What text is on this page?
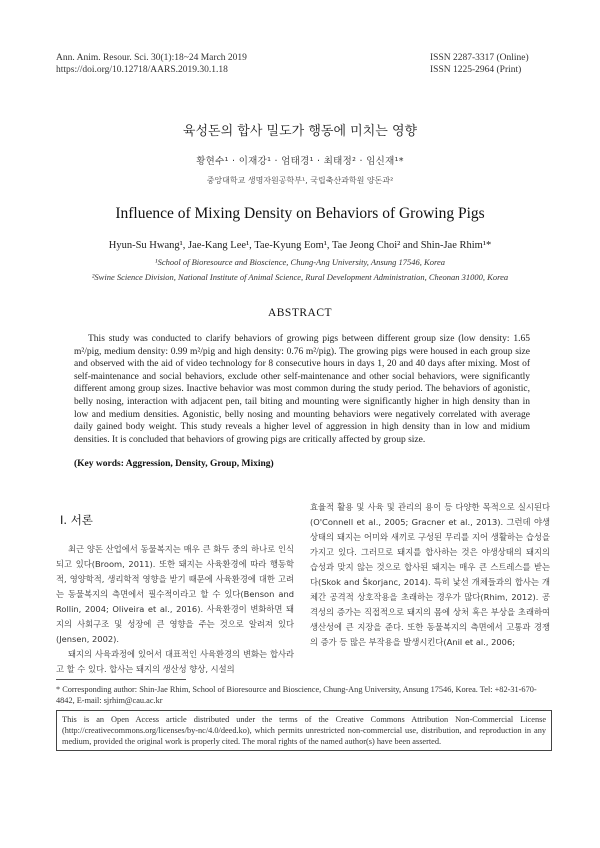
Ann. Anim. Resour. Sci. 30(1):18~24 March 2019
https://doi.org/10.12718/AARS.2019.30.1.18
ISSN 2287-3317 (Online)
ISSN 1225-2964 (Print)
육성돈의 합사 밀도가 행동에 미치는 영향
황현수¹ · 이재강¹ · 엄태경¹ · 최태정² · 임신재¹*
중앙대학교 생명자원공학부¹, 국립축산과학원 양돈과²
Influence of Mixing Density on Behaviors of Growing Pigs
Hyun-Su Hwang¹, Jae-Kang Lee¹, Tae-Kyung Eom¹, Tae Jeong Choi² and Shin-Jae Rhim¹*
¹School of Bioresource and Bioscience, Chung-Ang University, Ansung 17546, Korea
²Swine Science Division, National Institute of Animal Science, Rural Development Administration, Cheonan 31000, Korea
ABSTRACT
This study was conducted to clarify behaviors of growing pigs between different group size (low density: 1.65 m²/pig, medium density: 0.99 m²/pig and high density: 0.76 m²/pig). The growing pigs were housed in each group size and observed with the aid of video technology for 8 consecutive hours in days 1, 20 and 40 days after mixing. Most of self-maintenance and social behaviors, exclude other self-maintenance and other social behaviors, were significantly different among group sizes. Inactive behavior was most common during the study period. The behaviors of agonistic, belly nosing, interaction with adjacent pen, tail biting and mounting were significantly higher in high density than in low and medium densities. Agonistic, belly nosing and mounting behaviors were negatively correlated with average daily gained body weight. This study reveals a higher level of aggression in high density than in low and midium densities. It is concluded that behaviors of growing pigs are critically affected by group size.
(Key words: Aggression, Density, Group, Mixing)
Ⅰ. 서론

최근 양돈 산업에서 동물복지는 매우 큰 화두 중의 하나로 인식되고 있다(Broom, 2011). 또한 돼지는 사육환경에 따라 행동학적, 영양학적, 생리학적 영향을 받기 때문에 사육환경에 대한 고려는 동물복지의 측면에서 필수적이라고 할 수 있다(Benson and Rollin, 2004; Oliveira et al., 2016). 사육환경이 변화하면 돼지의 사회구조 및 성장에 큰 영향을 주는 것으로 알려져 있다(Jensen, 2002).

돼지의 사육과정에 있어서 대표적인 사육환경의 변화는 합사라고 할 수 있다. 합사는 돼지의 생산성 향상, 시설의

효율적 활용 및 사육 및 관리의 용이 등 다양한 목적으로 실시된다(O'Connell et al., 2005; Gracner et al., 2013). 그런데 야생상태의 돼지는 어미와 새끼로 구성된 무리를 지어 생활하는 습성을 가지고 있다. 그러므로 돼지를 합사하는 것은 야생상태의 돼지의 습성과 맞지 않는 것으로 합사된 돼지는 매우 큰 스트레스를 받는다(Skok and Škorjanc, 2014). 특히 낯선 개체들과의 합사는 개체간 공격적 상호작용을 초래하는 경우가 많다(Rhim, 2012). 공격성의 증가는 직접적으로 돼지의 몸에 상처 혹은 부상을 초래하여 생산성에 큰 지장을 준다. 또한 동물복지의 측면에서 고통과 경쟁의 증가 등 많은 부작용을 발생시킨다(Anil et al., 2006;

* Corresponding author: Shin-Jae Rhim, School of Bioresource and Bioscience, Chung-Ang University, Ansung 17546, Korea. Tel: +82-31-670-4842, E-mail: sjrhim@cau.ac.kr
This is an Open Access article distributed under the terms of the Creative Commons Attribution Non-Commercial License (http://creativecommons.org/licenses/by-nc/4.0/deed.ko), which permits unrestricted non-commercial use, distribution, and reproduction in any medium, provided the original work is properly cited. The moral rights of the named author(s) have been asserted.
